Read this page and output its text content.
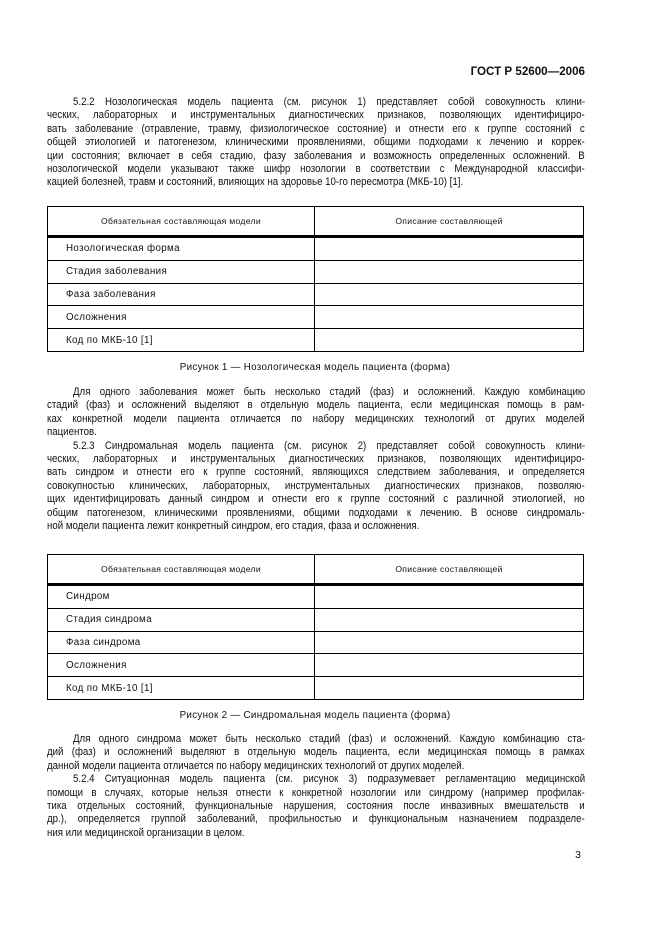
ГОСТ Р 52600—2006
5.2.2 Нозологическая модель пациента (см. рисунок 1) представляет собой совокупность клини-
ческих, лабораторных и инструментальных диагностических признаков, позволяющих идентифициро-
вать заболевание (отравление, травму, физиологическое состояние) и отнести его к группе состояний с
общей этиологией и патогенезом, клиническими проявлениями, общими подходами к лечению и коррек-
ции состояния; включает в себя стадию, фазу заболевания и возможность определенных осложнений. В
нозологической модели указывают также шифр нозологии в соответствии с Международной классифи-
кацией болезней, травм и состояний, влияющих на здоровье 10-го пересмотра (МКБ-10) [1].
Обязательная составляющая модели	Описание составляющей
Нозологическая форма	
Стадия заболевания	
Фаза заболевания	
Осложнения	
Код по МКБ-10 [1]	
Рисунок 1 — Нозологическая модель пациента (форма)
Для одного заболевания может быть несколько стадий (фаз) и осложнений. Каждую комбинацию
стадий (фаз) и осложнений выделяют в отдельную модель пациента, если медицинская помощь в рам-
ках конкретной модели пациента отличается по набору медицинских технологий от других моделей
пациентов.
5.2.3 Синдромальная модель пациента (см. рисунок 2) представляет собой совокупность клини-
ческих, лабораторных и инструментальных диагностических признаков, позволяющих идентифициро-
вать синдром и отнести его к группе состояний, являющихся следствием заболевания, и определяется
совокупностью клинических, лабораторных, инструментальных диагностических признаков, позволяю-
щих идентифицировать данный синдром и отнести его к группе состояний с различной этиологией, но
общим патогенезом, клиническими проявлениями, общими подходами к лечению. В основе синдромаль-
ной модели пациента лежит конкретный синдром, его стадия, фаза и осложнения.
Обязательная составляющая модели	Описание составляющей
Синдром	
Стадия синдрома	
Фаза синдрома	
Осложнения	
Код по МКБ-10 [1]	
Рисунок 2 — Синдромальная модель пациента (форма)
Для одного синдрома может быть несколько стадий (фаз) и осложнений. Каждую комбинацию ста-
дий (фаз) и осложнений выделяют в отдельную модель пациента, если медицинская помощь в рамках
данной модели пациента отличается по набору медицинских технологий от других моделей.
5.2.4 Ситуационная модель пациента (см. рисунок 3) подразумевает регламентацию медицинской
помощи в случаях, которые нельзя отнести к конкретной нозологии или синдрому (например профилак-
тика отдельных состояний, функциональные нарушения, состояния после инвазивных вмешательств и
др.), определяется группой заболеваний, профильностью и функциональным назначением подразделе-
ния или медицинской организации в целом.
3
